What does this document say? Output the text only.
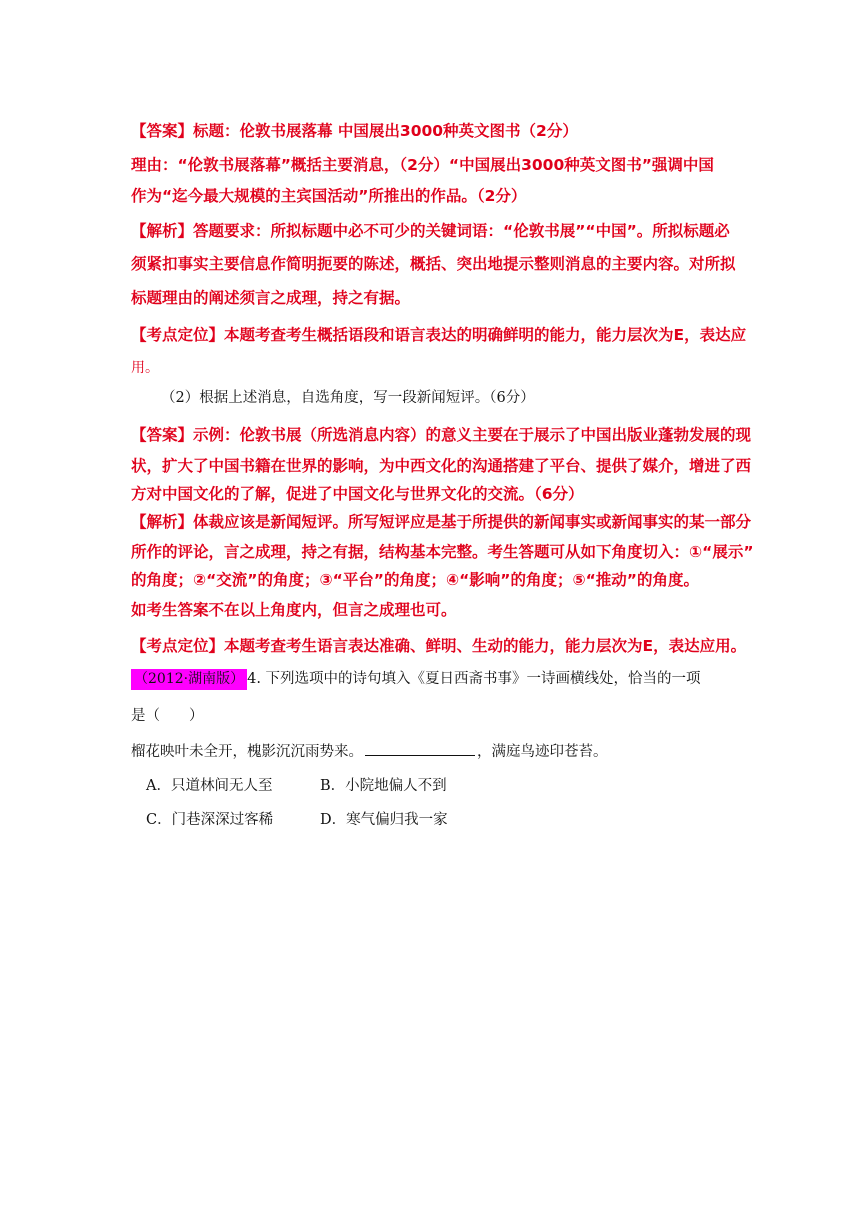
【答案】标题：伦敦书展落幕 中国展出3000种英文图书（2分）
理由：“伦敦书展落幕”概括主要消息，（2分）“中国展出3000种英文图书”强调中国
作为“迄今最大规模的主宾国活动”所推出的作品。（2分）
【解析】答题要求：所拟标题中必不可少的关键词语：“伦敦书展”“中国”。所拟标题必
须紧扣事实主要信息作简明扼要的陈述，概括、突出地提示整则消息的主要内容。对所拟
标题理由的阐述须言之成理，持之有据。
【考点定位】本题考查考生概括语段和语言表达的明确鲜明的能力，能力层次为E，表达应
用。
（2）根据上述消息，自选角度，写一段新闻短评。（6分）
【答案】示例：伦敦书展（所选消息内容）的意义主要在于展示了中国出版业蓬勃发展的现
状，扩大了中国书籍在世界的影响，为中西文化的沟通搭建了平台、提供了媒介，增进了西
方对中国文化的了解，促进了中国文化与世界文化的交流。（6分）
【解析】体裁应该是新闻短评。所写短评应是基于所提供的新闻事实或新闻事实的某一部分
所作的评论，言之成理，持之有据，结构基本完整。考生答题可从如下角度切入：①“展示”
的角度；②“交流”的角度；③“平台”的角度；④“影响”的角度；⑤“推动”的角度。
如考生答案不在以上角度内，但言之成理也可。
【考点定位】本题考查考生语言表达准确、鲜明、生动的能力，能力层次为E，表达应用。
（2012·湖南版） 4. 下列选项中的诗句填入《夏日西斋书事》一诗画横线处，恰当的一项
是（　　）
榴花映叶未全开，槐影沉沉雨势来。	，满庭鸟迹印苍苔。
A．只道林间无人至	B．小院地偏人不到
C．门巷深深过客稀	D．寒气偏归我一家
